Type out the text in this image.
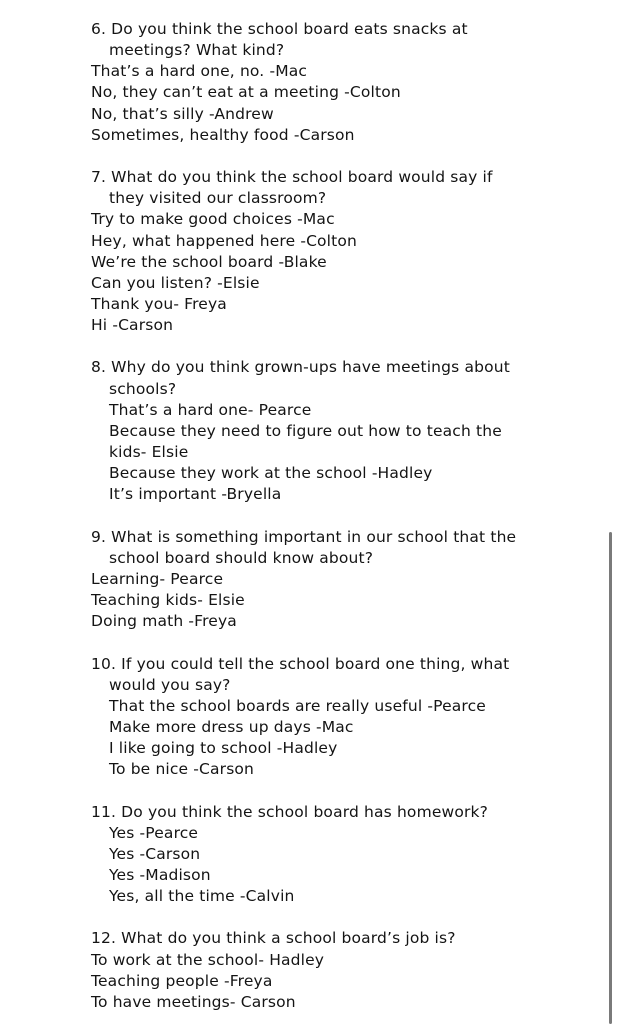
6. Do you think the school board eats snacks at
meetings? What kind?
That’s a hard one, no. -Mac
No, they can’t eat at a meeting -Colton
No, that’s silly -Andrew
Sometimes, healthy food -Carson
7. What do you think the school board would say if
they visited our classroom?
Try to make good choices -Mac
Hey, what happened here -Colton
We’re the school board -Blake
Can you listen? -Elsie
Thank you- Freya
Hi -Carson
8. Why do you think grown-ups have meetings about
schools?
That’s a hard one- Pearce
Because they need to figure out how to teach the
kids- Elsie
Because they work at the school -Hadley
It’s important -Bryella
9. What is something important in our school that the
school board should know about?
Learning- Pearce
Teaching kids- Elsie
Doing math -Freya
10. If you could tell the school board one thing, what
would you say?
That the school boards are really useful -Pearce
Make more dress up days -Mac
I like going to school -Hadley
To be nice -Carson
11. Do you think the school board has homework?
Yes -Pearce
Yes -Carson
Yes -Madison
Yes, all the time -Calvin
12. What do you think a school board’s job is?
To work at the school- Hadley
Teaching people -Freya
To have meetings- Carson
